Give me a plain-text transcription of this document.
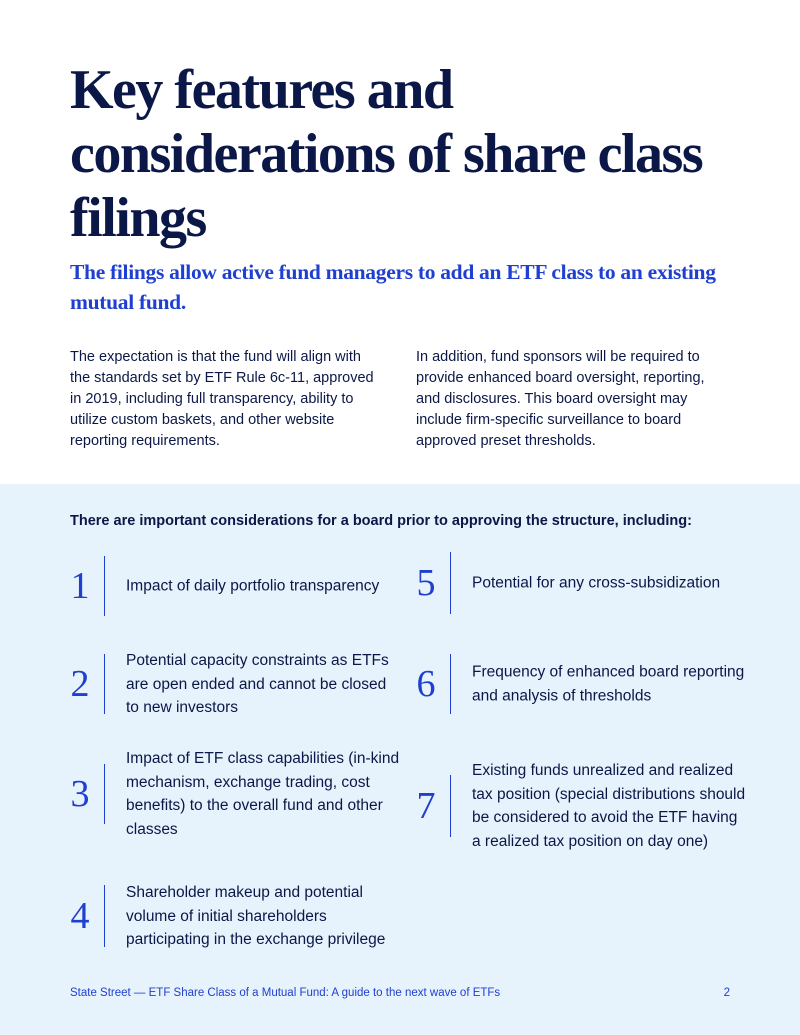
Key features and considerations of share class filings
The filings allow active fund managers to add an ETF class to an existing mutual fund.

The expectation is that the fund will align with the standards set by ETF Rule 6c-11, approved in 2019, including full transparency, ability to utilize custom baskets, and other website reporting requirements.

In addition, fund sponsors will be required to provide enhanced board oversight, reporting, and disclosures. This board oversight may include firm-specific surveillance to board approved preset thresholds.

There are important considerations for a board prior to approving the structure, including:

1 Impact of daily portfolio transparency
2
Potential capacity constraints as ETFs are open ended and cannot be closed to new investors
3
Impact of ETF class capabilities (in-kind mechanism, exchange trading, cost benefits) to the overall fund and other classes
4
Shareholder makeup and potential volume of initial shareholders participating in the exchange privilege
5 Potential for any cross-subsidization
6 Frequency of enhanced board reporting and analysis of thresholds
7
Existing funds unrealized and realized tax position (special distributions should be considered to avoid the ETF having a realized tax position on day one)
State Street — ETF Share Class of a Mutual Fund: A guide to the next wave of ETFs	2
